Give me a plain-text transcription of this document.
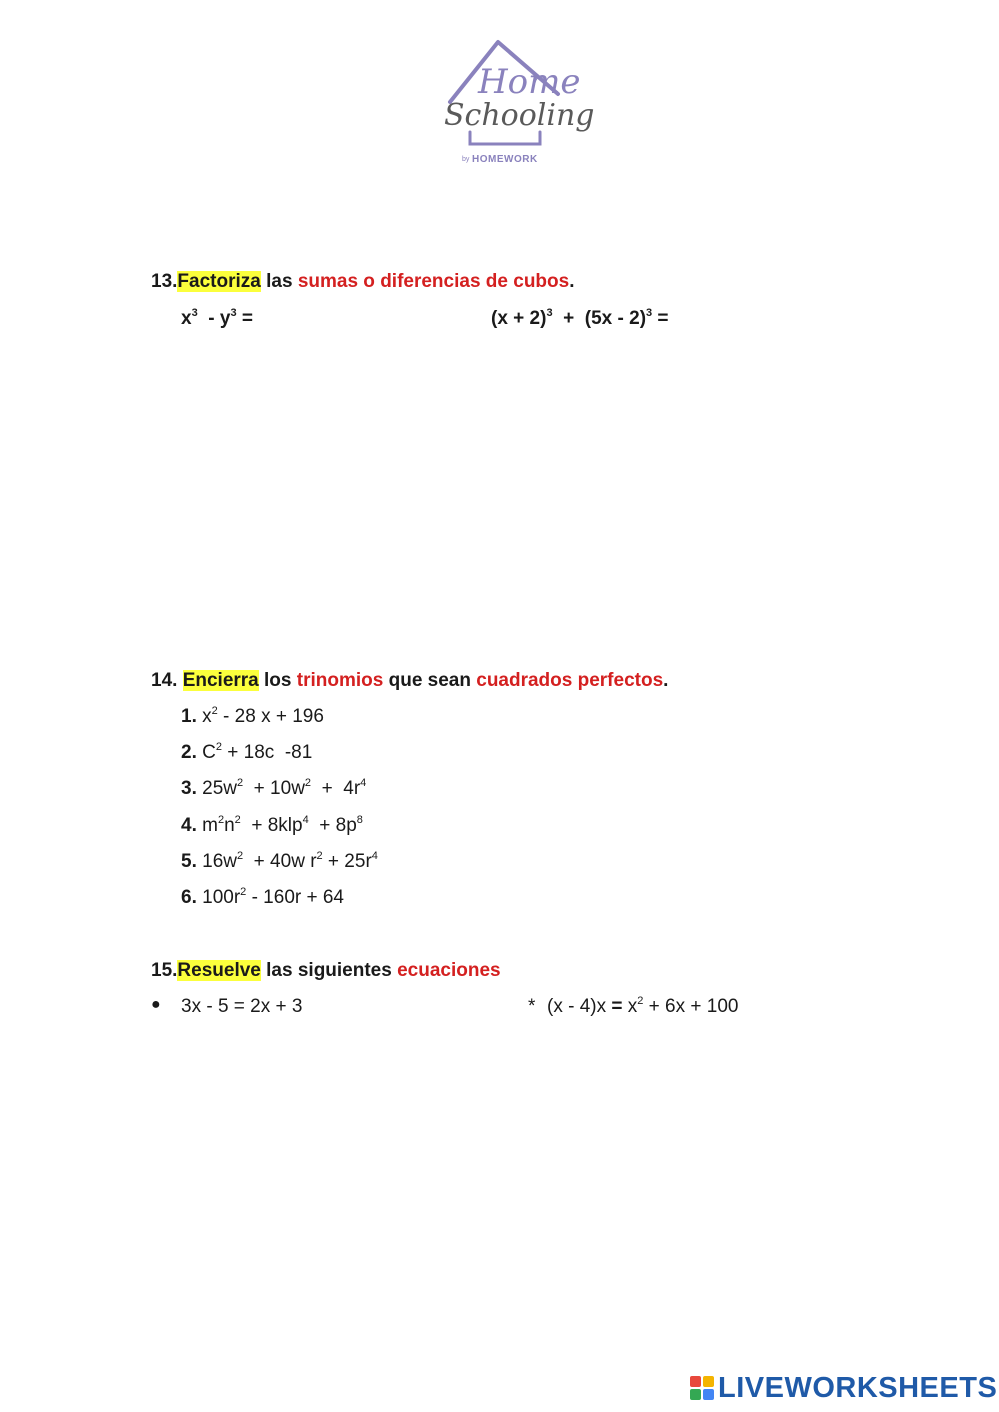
Home
Schooling
by HOMEWORK
13.Factoriza las sumas o diferencias de cubos.
$x^3 - y^3$ =	$(x + 2)^3 + (5x - 2)^3$ =
14. Encierra los trinomios que sean cuadrados perfectos.
1. $x^2 - 28$ x + 196
2. $C^2 + 18c$  -81
3. $25w^2 + 10w^2 + 4r^4$
4. $m^2n^2 + 8klp^4 + 8p^8$
5. $16w^2 + 40w$ $r^2 + 25r^4$
6. $100r^2 - 160r + 64$
15.Resuelve las siguientes ecuaciones
● 3x - 5 = 2x + 3	* $(x - 4)x = x^2 + 6x + 100$
LIVEWORKSHEETS
